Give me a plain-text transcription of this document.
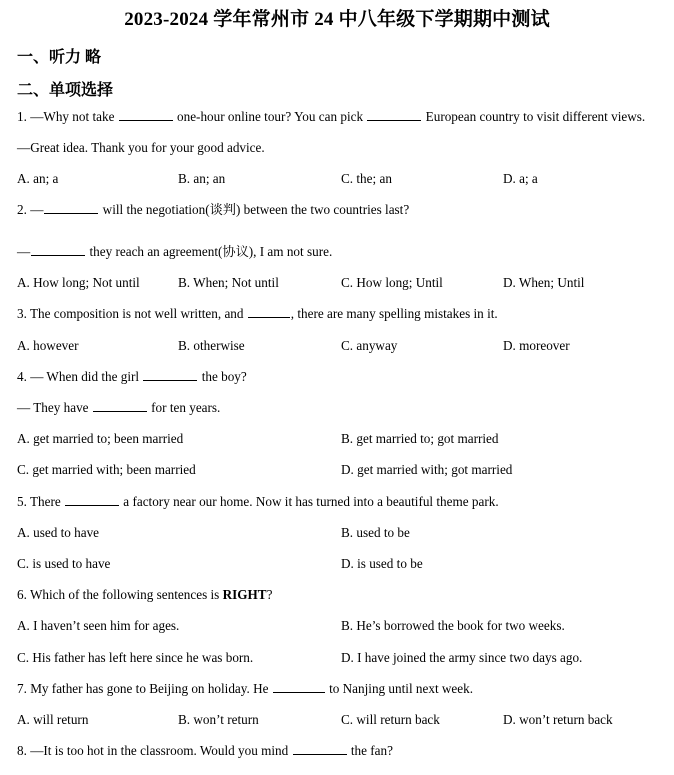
2023-2024 学年常州市 24 中八年级下学期期中测试
一、听力 略
二、单项选择
1. —Why not take	one-hour online tour? You can pick	European country to visit different views.
—Great idea. Thank you for your good advice.
A. an; a	B. an; an	C. the; an	D. a; a
2. —	will the negotiation(谈判) between the two countries last?
—	they reach an agreement(协议), I am not sure.
A. How long; Not until	B. When; Not until	C. How long; Until	D. When; Until
3. The composition is not well written, and	, there are many spelling mistakes in it.
A. however	B. otherwise	C. anyway	D. moreover
4. — When did the girl	the boy?
— They have	for ten years.
A. get married to; been married	B. get married to; got married
C. get married with; been married	D. get married with; got married
5. There	a factory near our home. Now it has turned into a beautiful theme park.
A. used to have	B. used to be
C. is used to have	D. is used to be
6. Which of the following sentences is RIGHT?
A. I haven’t seen him for ages.	B. He’s borrowed the book for two weeks.
C. His father has left here since he was born.	D. I have joined the army since two days ago.
7. My father has gone to Beijing on holiday. He	to Nanjing until next week.
A. will return	B. won’t return	C. will return back	D. won’t return back
8. —It is too hot in the classroom. Would you mind	the fan?
